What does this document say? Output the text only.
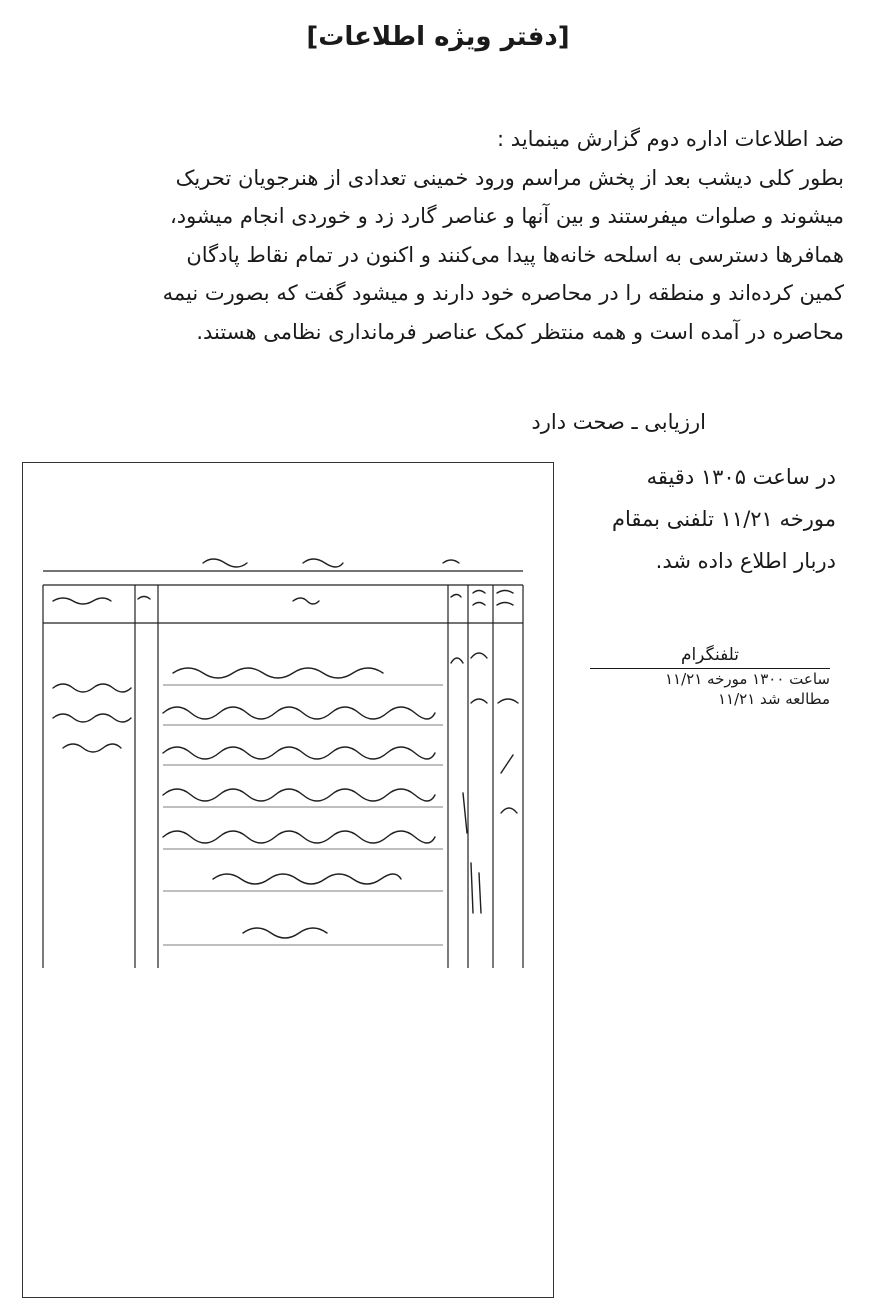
[دفتر ویژه اطلاعات]
ضد اطلاعات اداره دوم گزارش مینماید :
بطور کلی دیشب بعد از پخش مراسم ورود خمینی تعدادی از هنرجویان تحریک
میشوند و صلوات میفرستند و بین آنها و عناصر گارد زد و خوردی انجام میشود،
همافرها دسترسی به اسلحه خانه‌ها پیدا می‌کنند و اکنون در تمام نقاط پادگان
کمین کرده‌اند و منطقه را در محاصره خود دارند و میشود گفت که بصورت نیمه
محاصره در آمده است و همه منتظر کمک عناصر فرمانداری نظامی هستند.
ارزیابی ـ صحت دارد
در ساعت ۱۳۰۵ دقیقه
مورخه ۱۱/۲۱ تلفنی بمقام
دربار اطلاع داده شد.
تلفنگرام
ساعت ۱۳۰۰ مورخه ۱۱/۲۱
مطالعه شد ۱۱/۲۱
